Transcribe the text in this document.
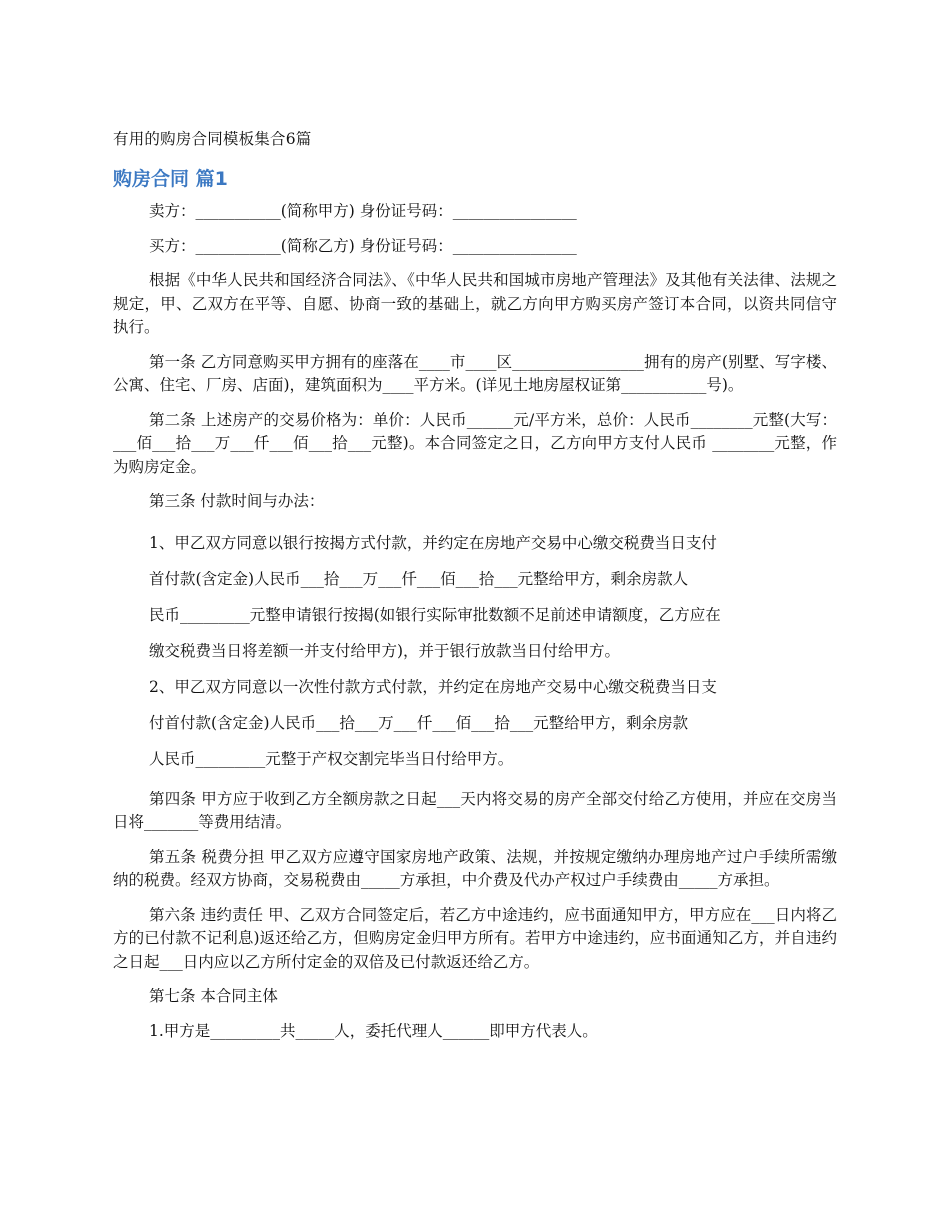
有用的购房合同模板集合6篇
购房合同 篇1

卖方：___________(简称甲方) 身份证号码：________________

买方：___________(简称乙方) 身份证号码：________________

根据《中华人民共和国经济合同法》、《中华人民共和国城市房地产管理法》及其他有关法律、法规之规定，甲、乙双方在平等、自愿、协商一致的基础上，就乙方向甲方购买房产签订本合同，以资共同信守执行。

第一条 乙方同意购买甲方拥有的座落在____市____区_________________拥有的房产(别墅、写字楼、公寓、住宅、厂房、店面)，建筑面积为____平方米。(详见土地房屋权证第___________号)。

第二条 上述房产的交易价格为：单价：人民币______元/平方米，总价：人民币________元整(大写：___佰___拾___万___仟___佰___拾___元整)。本合同签定之日，乙方向甲方支付人民币 ________元整，作为购房定金。

第三条 付款时间与办法：

1、甲乙双方同意以银行按揭方式付款，并约定在房地产交易中心缴交税费当日支付

首付款(含定金)人民币___拾___万___仟___佰___拾___元整给甲方，剩余房款人

民币_________元整申请银行按揭(如银行实际审批数额不足前述申请额度，乙方应在

缴交税费当日将差额一并支付给甲方)，并于银行放款当日付给甲方。

2、甲乙双方同意以一次性付款方式付款，并约定在房地产交易中心缴交税费当日支

付首付款(含定金)人民币___拾___万___仟___佰___拾___元整给甲方，剩余房款

人民币_________元整于产权交割完毕当日付给甲方。

第四条 甲方应于收到乙方全额房款之日起___天内将交易的房产全部交付给乙方使用，并应在交房当日将_______等费用结清。

第五条 税费分担 甲乙双方应遵守国家房地产政策、法规，并按规定缴纳办理房地产过户手续所需缴纳的税费。经双方协商，交易税费由_____方承担，中介费及代办产权过户手续费由_____方承担。

第六条 违约责任 甲、乙双方合同签定后，若乙方中途违约，应书面通知甲方，甲方应在___日内将乙方的已付款不记利息)返还给乙方，但购房定金归甲方所有。若甲方中途违约，应书面通知乙方，并自违约之日起___日内应以乙方所付定金的双倍及已付款返还给乙方。

第七条 本合同主体

1.甲方是_________共_____人，委托代理人______即甲方代表人。
